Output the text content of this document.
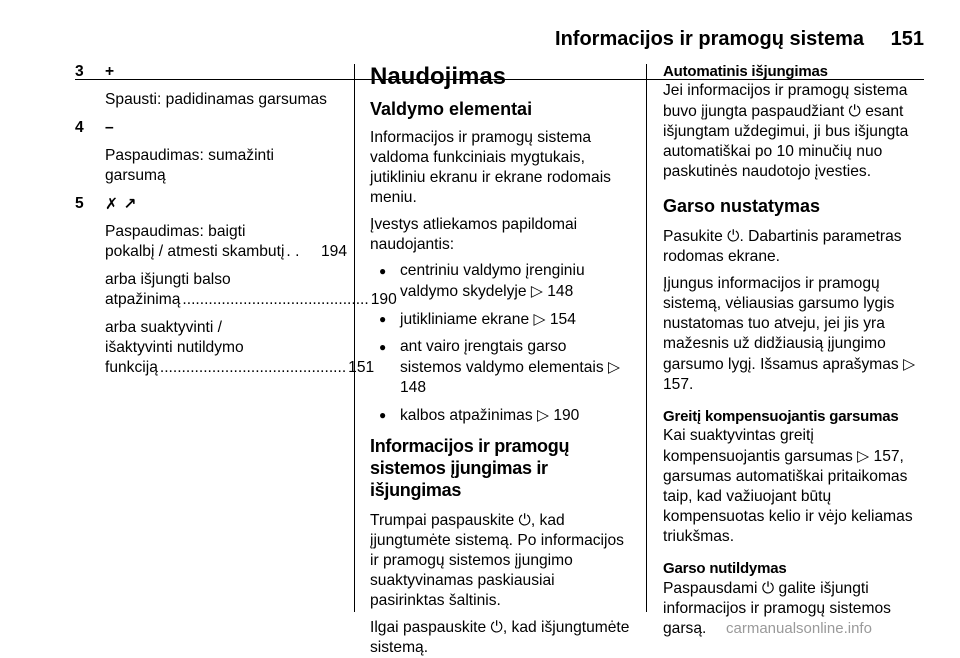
Informacijos ir pramogų sistema 151
3	+
Spausti: padidinamas garsumas
4	–
Paspaudimas: sumažinti garsumą
5	✗ ↗
Paspaudimas: baigti
pokalbį / atmesti skambutį . .	194
arba išjungti balso
atpažinimą ........................................... 190
arba suaktyvinti /
išaktyvinti nutildymo
funkciją ........................................... 151
Naudojimas
Valdymo elementai

Informacijos ir pramogų sistema valdoma funkciniais mygtukais, jutikliniu ekranu ir ekrane rodomais meniu.

Įvestys atliekamos papildomai naudojantis:

● centriniu valdymo įrenginiu valdymo skydelyje ▷ 148
● jutikliniame ekrane ▷ 154
● ant vairo įrengtais garso sistemos valdymo elementais ▷ 148
● kalbos atpažinimas ▷ 190
Informacijos ir pramogų sistemos įjungimas ir išjungimas

Trumpai paspauskite ⏻, kad įjungtumėte sistemą. Po informacijos ir pramogų sistemos įjungimo suaktyvinamas paskiausiai pasirinktas šaltinis.

Ilgai paspauskite ⏻, kad išjungtumėte sistemą.

Automatinis išjungimas

Jei informacijos ir pramogų sistema buvo įjungta paspaudžiant ⏻ esant išjungtam uždegimui, ji bus išjungta automatiškai po 10 minučių nuo paskutinės naudotojo įvesties.

Garso nustatymas

Pasukite ⏻. Dabartinis parametras rodomas ekrane.

Įjungus informacijos ir pramogų sistemą, vėliausias garsumo lygis nustatomas tuo atveju, jei jis yra mažesnis už didžiausią įjungimo garsumo lygį. Išsamus aprašymas ▷ 157.

Greitį kompensuojantis garsumas

Kai suaktyvintas greitį kompensuojantis garsumas ▷ 157, garsumas automatiškai pritaikomas taip, kad važiuojant būtų kompensuotas kelio ir vėjo keliamas triukšmas.

Garso nutildymas

Paspausdami ⏻ galite išjungti informacijos ir pramogų sistemos garsą.	carmanualsonline.info
